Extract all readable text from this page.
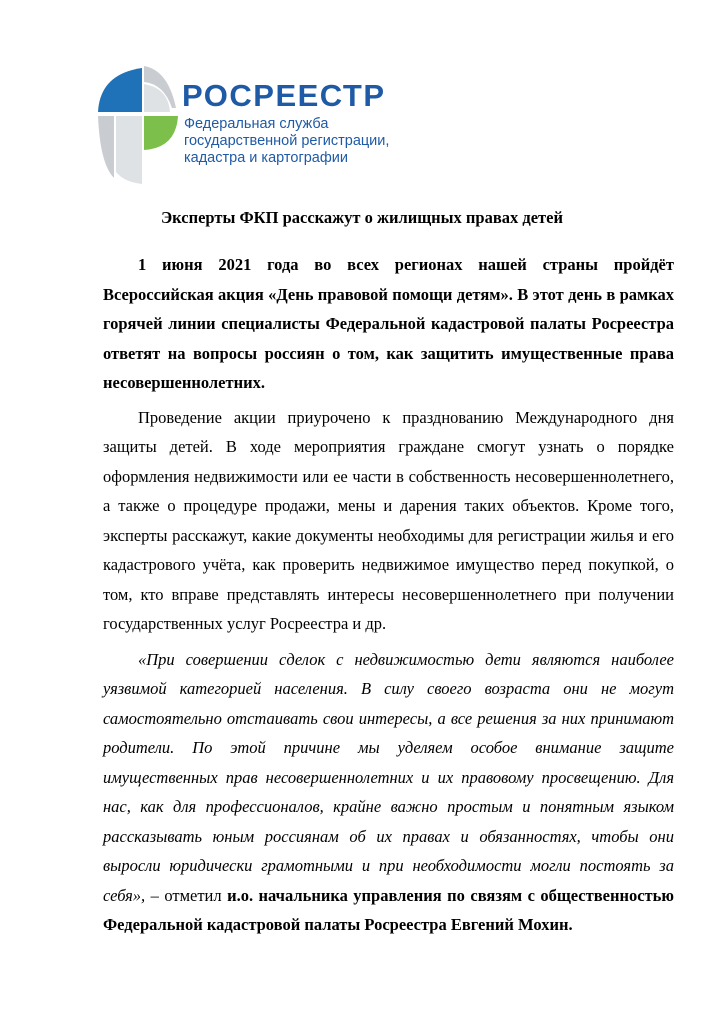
РОСРЕЕСТР
Федеральная служба
государственной регистрации,
кадастра и картографии
Эксперты ФКП расскажут о жилищных правах детей

1 июня 2021 года во всех регионах нашей страны пройдёт Всероссийская акция «День правовой помощи детям». В этот день в рамках горячей линии специалисты Федеральной кадастровой палаты Росреестра ответят на вопросы россиян о том, как защитить имущественные права несовершеннолетних.

Проведение акции приурочено к празднованию Международного дня защиты детей. В ходе мероприятия граждане смогут узнать о порядке оформления недвижимости или ее части в собственность несовершеннолетнего, а также о процедуре продажи, мены и дарения таких объектов. Кроме того, эксперты расскажут, какие документы необходимы для регистрации жилья и его кадастрового учёта, как проверить недвижимое имущество перед покупкой, о том, кто вправе представлять интересы несовершеннолетнего при получении государственных услуг Росреестра и др.

«При совершении сделок с недвижимостью дети являются наиболее уязвимой категорией населения. В силу своего возраста они не могут самостоятельно отстаивать свои интересы, а все решения за них принимают родители. По этой причине мы уделяем особое внимание защите имущественных прав несовершеннолетних и их правовому просвещению. Для нас, как для профессионалов, крайне важно простым и понятным языком рассказывать юным россиянам об их правах и обязанностях, чтобы они выросли юридически грамотными и при необходимости могли постоять за себя», – отметил и.о. начальника управления по связям с общественностью Федеральной кадастровой палаты Росреестра Евгений Мохин.
